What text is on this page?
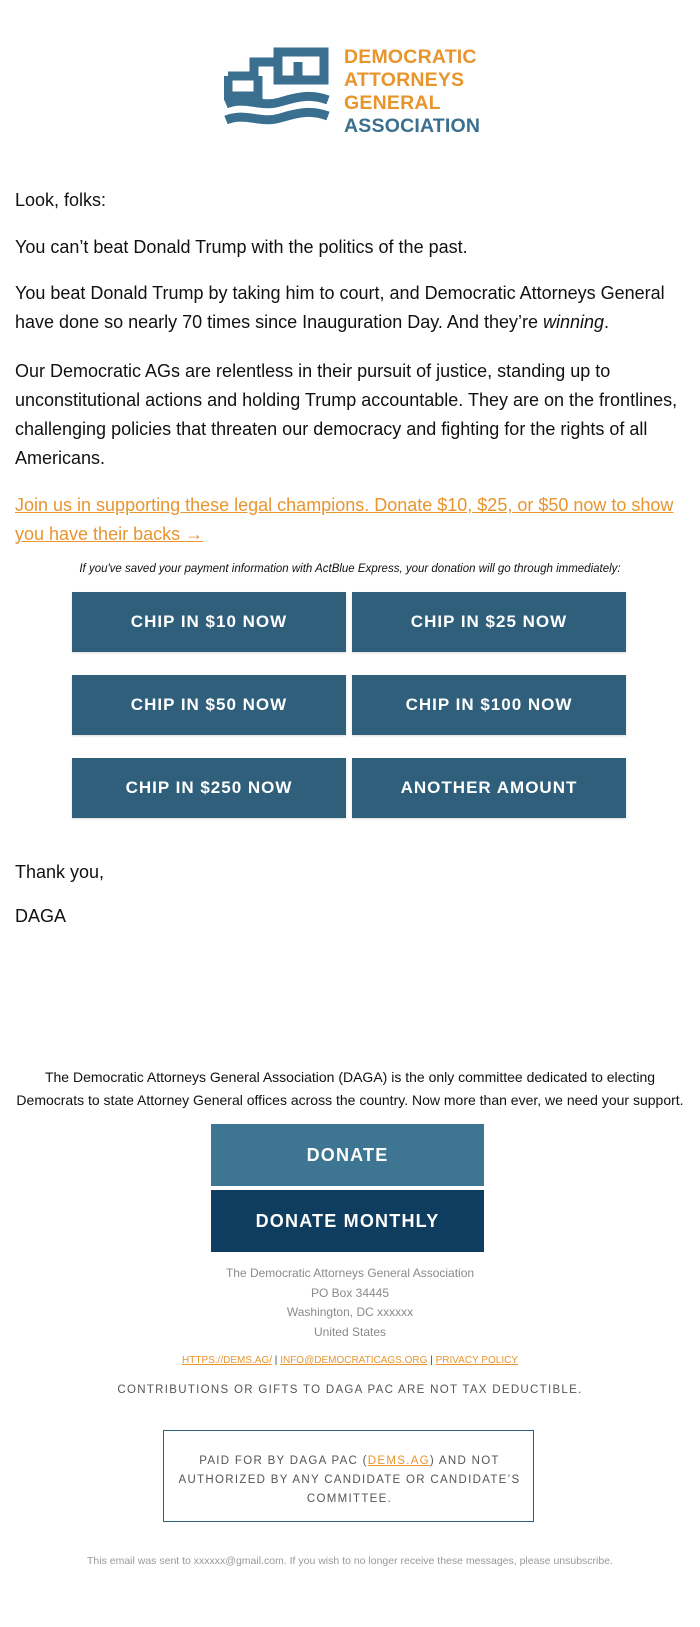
DEMOCRATIC
ATTORNEYS
GENERAL
ASSOCIATION
Look, folks:
You can’t beat Donald Trump with the politics of the past.
You beat Donald Trump by taking him to court, and Democratic Attorneys General have done so nearly 70 times since Inauguration Day. And they’re winning.
Our Democratic AGs are relentless in their pursuit of justice, standing up to unconstitutional actions and holding Trump accountable. They are on the frontlines, challenging policies that threaten our democracy and fighting for the rights of all Americans.
Join us in supporting these legal champions. Donate $10, $25, or $50 now to show you have their backs →
If you've saved your payment information with ActBlue Express, your donation will go through immediately:
CHIP IN $10 NOW	CHIP IN $25 NOW
CHIP IN $50 NOW	CHIP IN $100 NOW
CHIP IN $250 NOW	ANOTHER AMOUNT
Thank you,
DAGA
The Democratic Attorneys General Association (DAGA) is the only committee dedicated to electing Democrats to state Attorney General offices across the country. Now more than ever, we need your support.
DONATE
DONATE MONTHLY
The Democratic Attorneys General Association
PO Box 34445
Washington, DC xxxxxx
United States
HTTPS://DEMS.AG/ | INFO@DEMOCRATICAGS.ORG | PRIVACY POLICY
CONTRIBUTIONS OR GIFTS TO DAGA PAC ARE NOT TAX DEDUCTIBLE.
PAID FOR BY DAGA PAC (DEMS.AG) AND NOT AUTHORIZED BY ANY CANDIDATE OR CANDIDATE’S COMMITTEE.
This email was sent to xxxxxx@gmail.com. If you wish to no longer receive these messages, please unsubscribe.
